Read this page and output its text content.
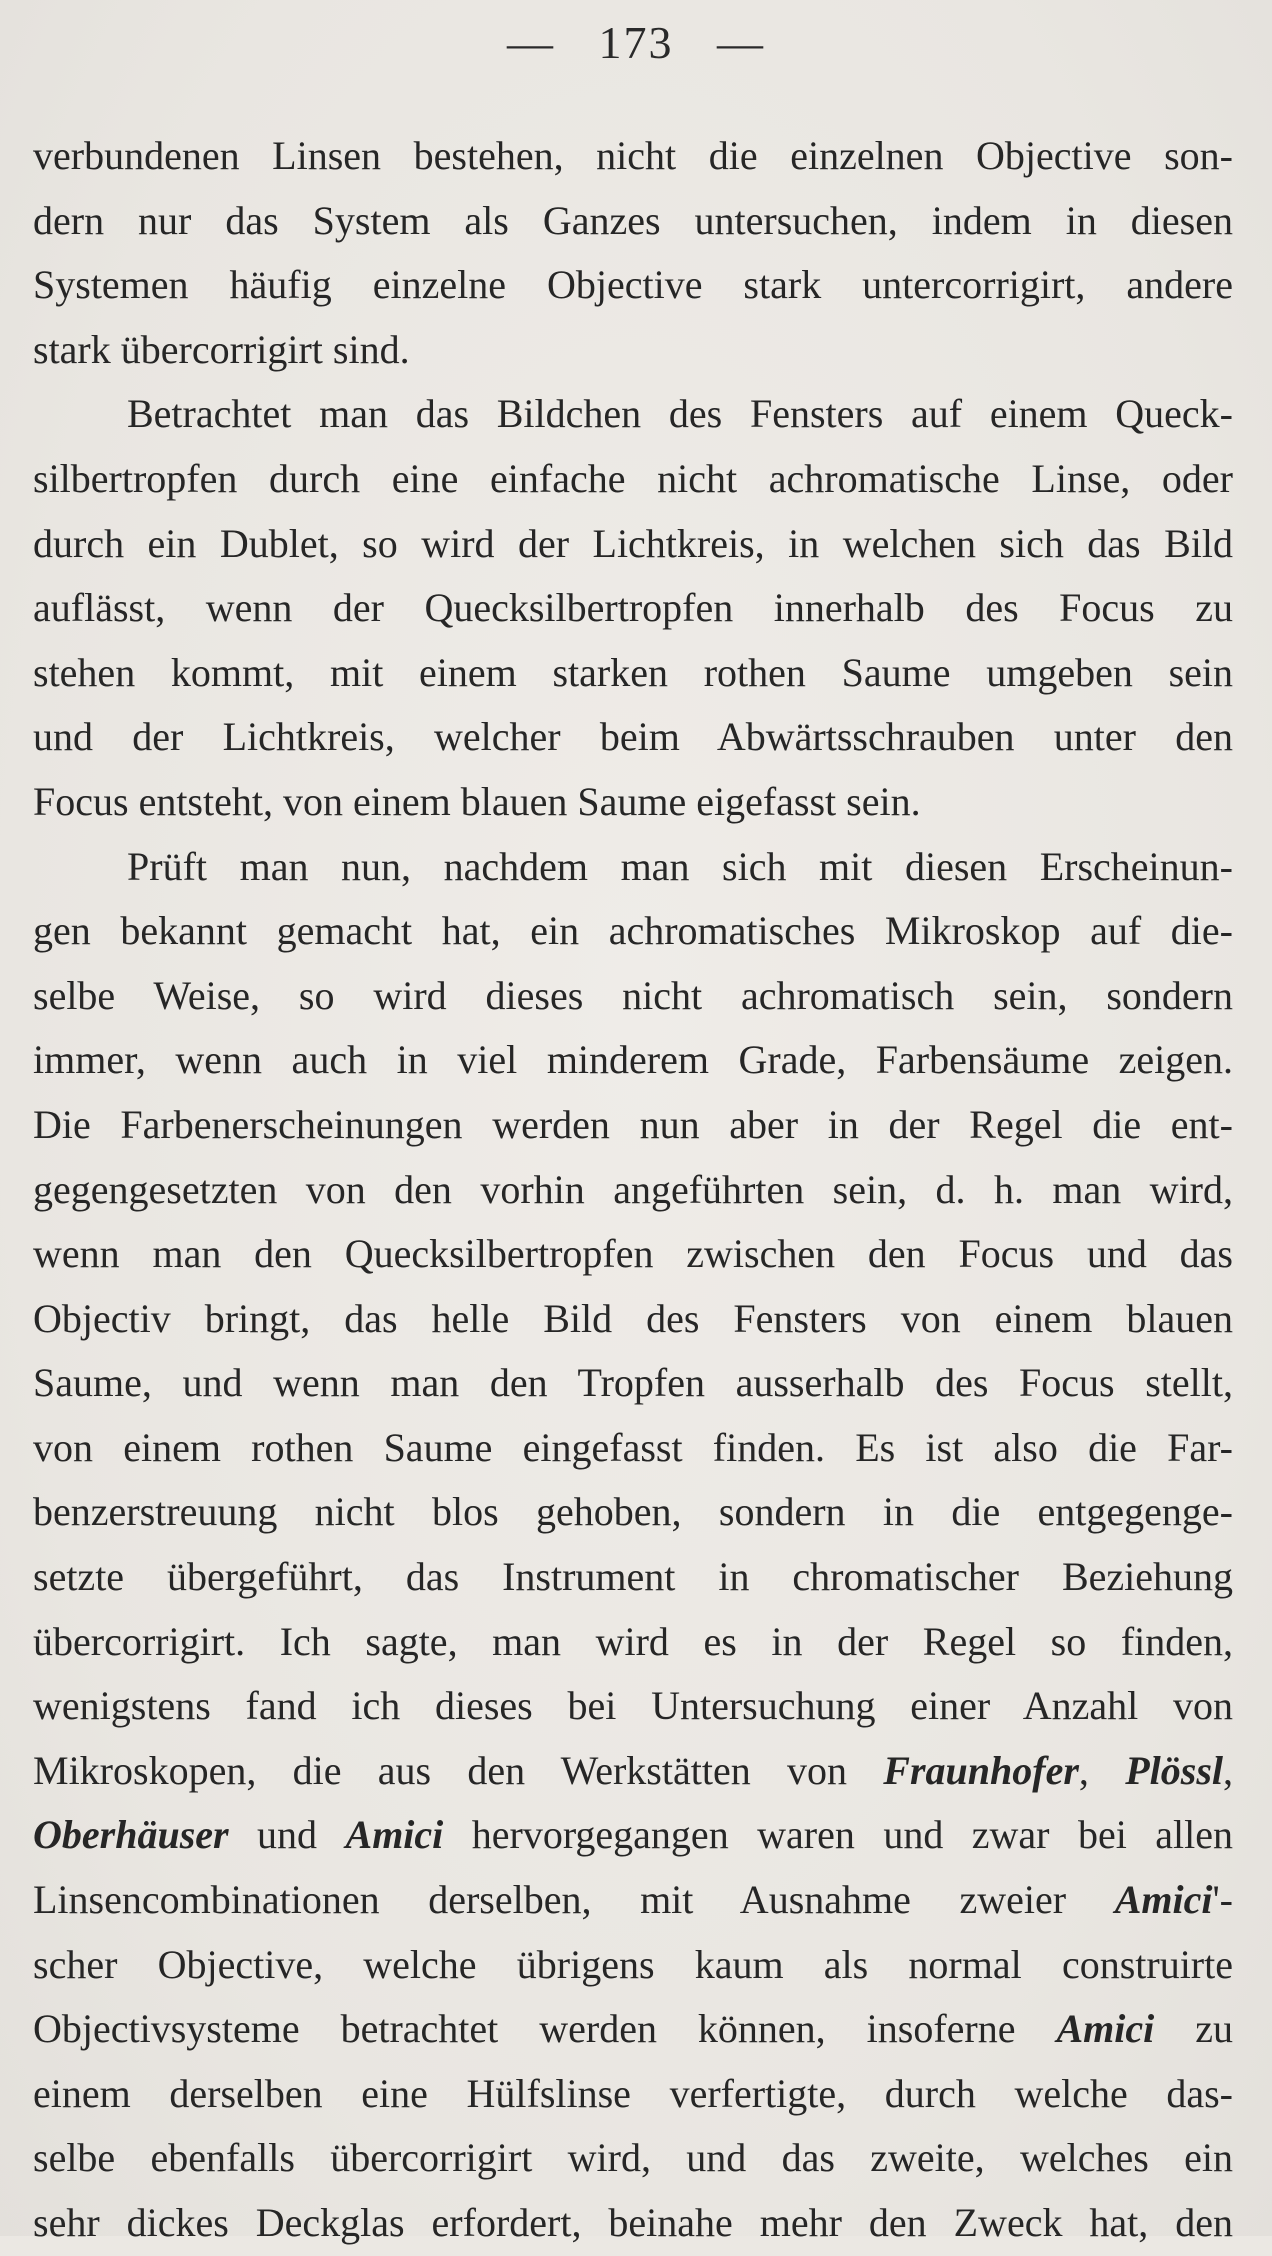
— 173 —
verbundenen Linsen bestehen, nicht die einzelnen Objective son-
dern nur das System als Ganzes untersuchen, indem in diesen
Systemen häufig einzelne Objective stark untercorrigirt, andere
stark übercorrigirt sind.
Betrachtet man das Bildchen des Fensters auf einem Queck-
silbertropfen durch eine einfache nicht achromatische Linse, oder
durch ein Dublet, so wird der Lichtkreis, in welchen sich das Bild
auflässt, wenn der Quecksilbertropfen innerhalb des Focus zu
stehen kommt, mit einem starken rothen Saume umgeben sein
und der Lichtkreis, welcher beim Abwärtsschrauben unter den
Focus entsteht, von einem blauen Saume eigefasst sein.
Prüft man nun, nachdem man sich mit diesen Erscheinun-
gen bekannt gemacht hat, ein achromatisches Mikroskop auf die-
selbe Weise, so wird dieses nicht achromatisch sein, sondern
immer, wenn auch in viel minderem Grade, Farbensäume zeigen.
Die Farbenerscheinungen werden nun aber in der Regel die ent-
gegengesetzten von den vorhin angeführten sein, d. h. man wird,
wenn man den Quecksilbertropfen zwischen den Focus und das
Objectiv bringt, das helle Bild des Fensters von einem blauen
Saume, und wenn man den Tropfen ausserhalb des Focus stellt,
von einem rothen Saume eingefasst finden. Es ist also die Far-
benzerstreuung nicht blos gehoben, sondern in die entgegenge-
setzte übergeführt, das Instrument in chromatischer Beziehung
übercorrigirt. Ich sagte, man wird es in der Regel so finden,
wenigstens fand ich dieses bei Untersuchung einer Anzahl von
Mikroskopen, die aus den Werkstätten von Fraunhofer, Plössl,
Oberhäuser und Amici hervorgegangen waren und zwar bei allen
Linsencombinationen derselben, mit Ausnahme zweier Amici'-
scher Objective, welche übrigens kaum als normal construirte
Objectivsysteme betrachtet werden können, insoferne Amici zu
einem derselben eine Hülfslinse verfertigte, durch welche das-
selbe ebenfalls übercorrigirt wird, und das zweite, welches ein
sehr dickes Deckglas erfordert, beinahe mehr den Zweck hat, den
